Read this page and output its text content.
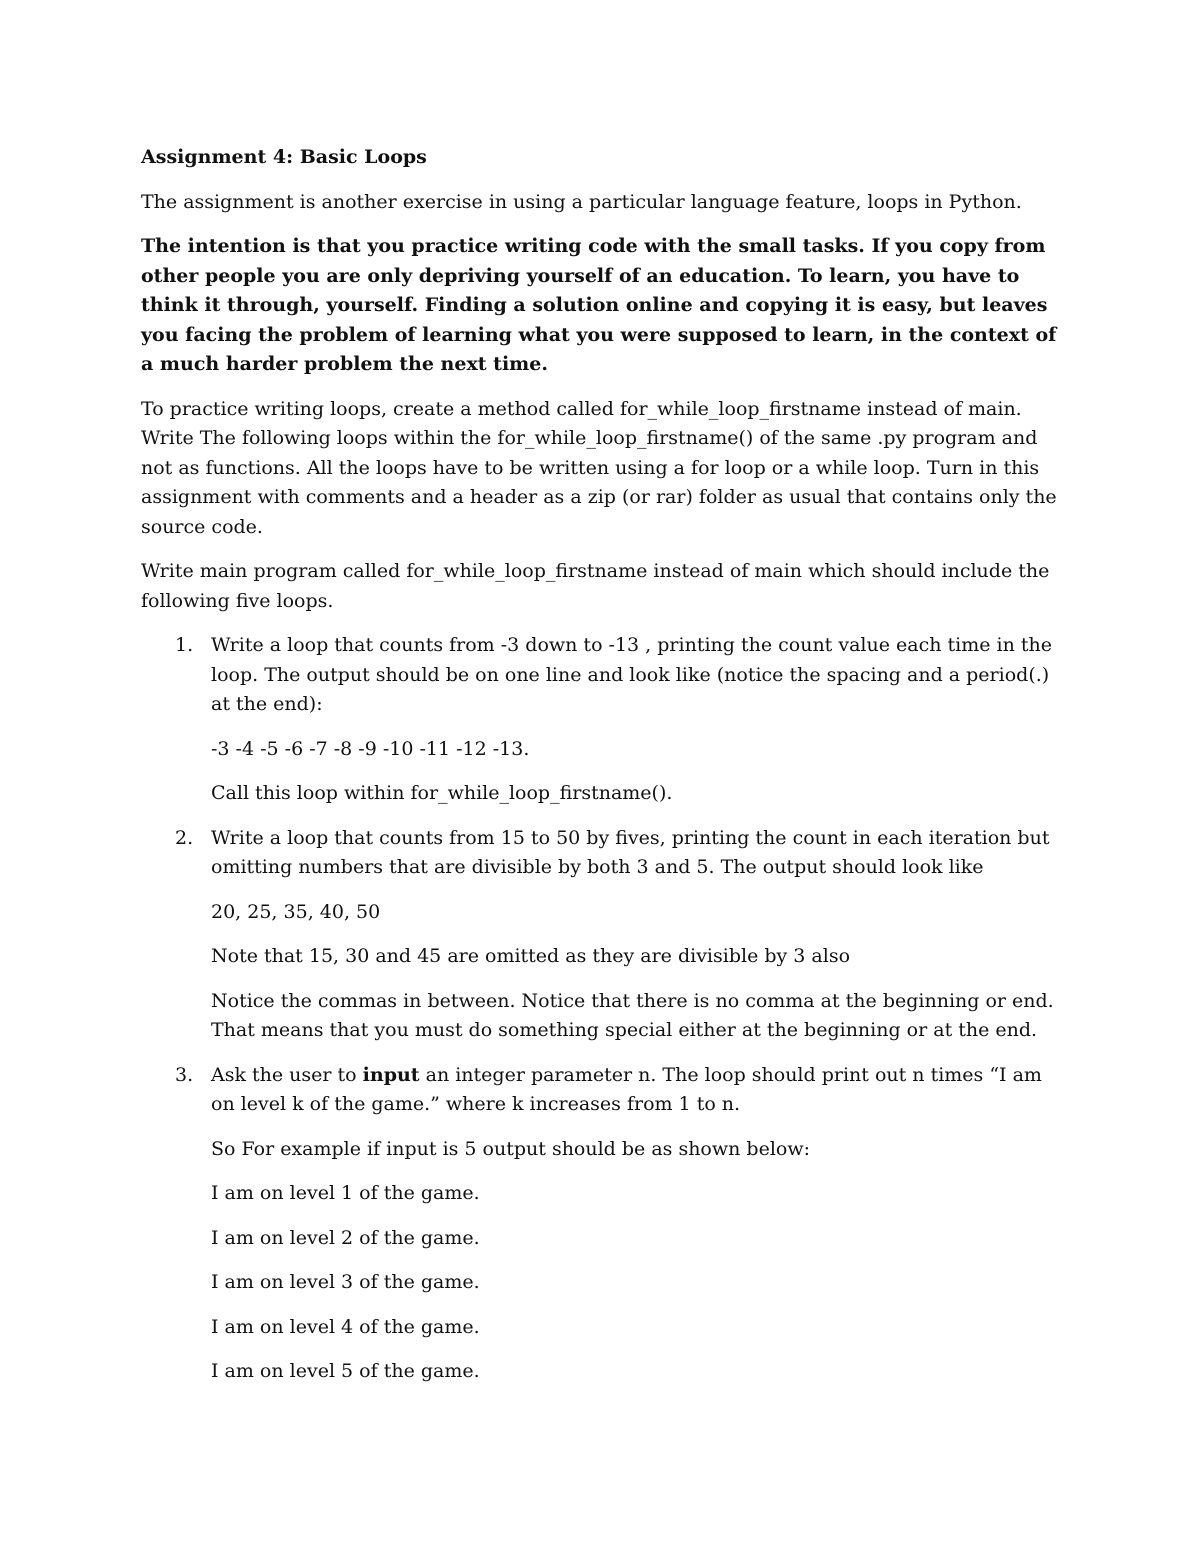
Assignment 4: Basic Loops

The assignment is another exercise in using a particular language feature, loops in Python.

The intention is that you practice writing code with the small tasks. If you copy from other people you are only depriving yourself of an education. To learn, you have to think it through, yourself. Finding a solution online and copying it is easy, but leaves you facing the problem of learning what you were supposed to learn, in the context of a much harder problem the next time.

To practice writing loops, create a method called for_while_loop_firstname instead of main. Write The following loops within the for_while_loop_firstname() of the same .py program and not as functions. All the loops have to be written using a for loop or a while loop. Turn in this assignment with comments and a header as a zip (or rar) folder as usual that contains only the source code.

Write main program called for_while_loop_firstname instead of main which should include the following five loops.

1. Write a loop that counts from -3 down to -13 , printing the count value each time in the loop. The output should be on one line and look like (notice the spacing and a period(.) at the end):
-3 -4 -5 -6 -7 -8 -9 -10 -11 -12 -13.
Call this loop within for_while_loop_firstname().
2. Write a loop that counts from 15 to 50 by fives, printing the count in each iteration but omitting numbers that are divisible by both 3 and 5. The output should look like
20, 25, 35, 40, 50
Note that 15, 30 and 45 are omitted as they are divisible by 3 also
Notice the commas in between. Notice that there is no comma at the beginning or end. That means that you must do something special either at the beginning or at the end.
3. Ask the user to input an integer parameter n. The loop should print out n times “I am on level k of the game.” where k increases from 1 to n.
So For example if input is 5 output should be as shown below:
I am on level 1 of the game.
I am on level 2 of the game.
I am on level 3 of the game.
I am on level 4 of the game.
I am on level 5 of the game.
